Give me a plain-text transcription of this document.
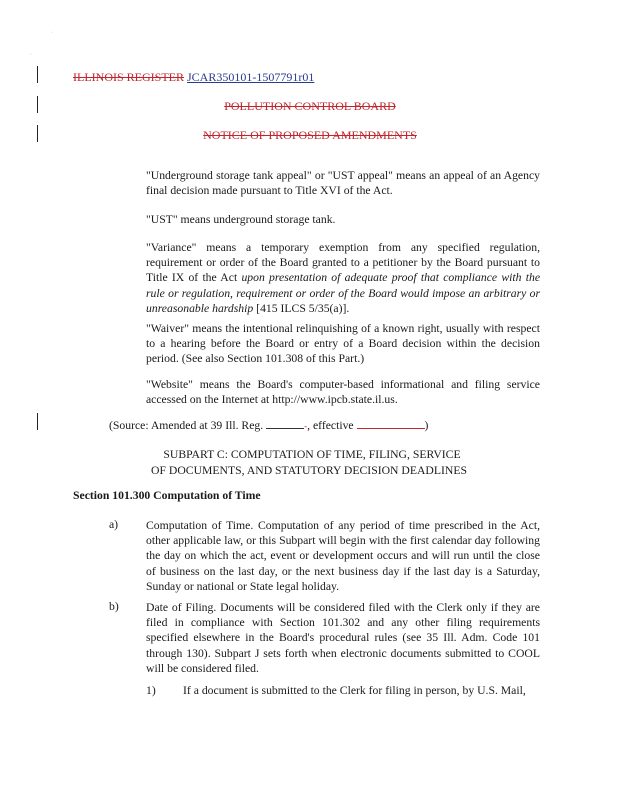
·
·
ILLINOIS REGISTER JCAR350101-1507791r01
POLLUTION CONTROL BOARD
NOTICE OF PROPOSED AMENDMENTS

"Underground storage tank appeal" or "UST appeal" means an appeal of an Agency final decision made pursuant to Title XVI of the Act.

"UST" means underground storage tank.

"Variance" means a temporary exemption from any specified regulation, requirement or order of the Board granted to a petitioner by the Board pursuant to Title IX of the Act upon presentation of adequate proof that compliance with the rule or regulation, requirement or order of the Board would impose an arbitrary or unreasonable hardship [415 ILCS 5/35(a)].

"Waiver" means the intentional relinquishing of a known right, usually with respect to a hearing before the Board or entry of a Board decision within the decision period. (See also Section 101.308 of this Part.)

"Website" means the Board's computer-based informational and filing service accessed on the Internet at http://www.ipcb.state.il.us.

(Source: Amended at 39 Ill. Reg.	-, effective	)
SUBPART C: COMPUTATION OF TIME, FILING, SERVICE
OF DOCUMENTS, AND STATUTORY DECISION DEADLINES
Section 101.300 Computation of Time
a) Computation of Time. Computation of any period of time prescribed in the Act, other applicable law, or this Subpart will begin with the first calendar day following the day on which the act, event or development occurs and will run until the close of business on the last day, or the next business day if the last day is a Saturday, Sunday or national or State legal holiday.

b) Date of Filing. Documents will be considered filed with the Clerk only if they are filed in compliance with Section 101.302 and any other filing requirements specified elsewhere in the Board's procedural rules (see 35 Ill. Adm. Code 101 through 130). Subpart J sets forth when electronic documents submitted to COOL will be considered filed.

1) If a document is submitted to the Clerk for filing in person, by U.S. Mail,
